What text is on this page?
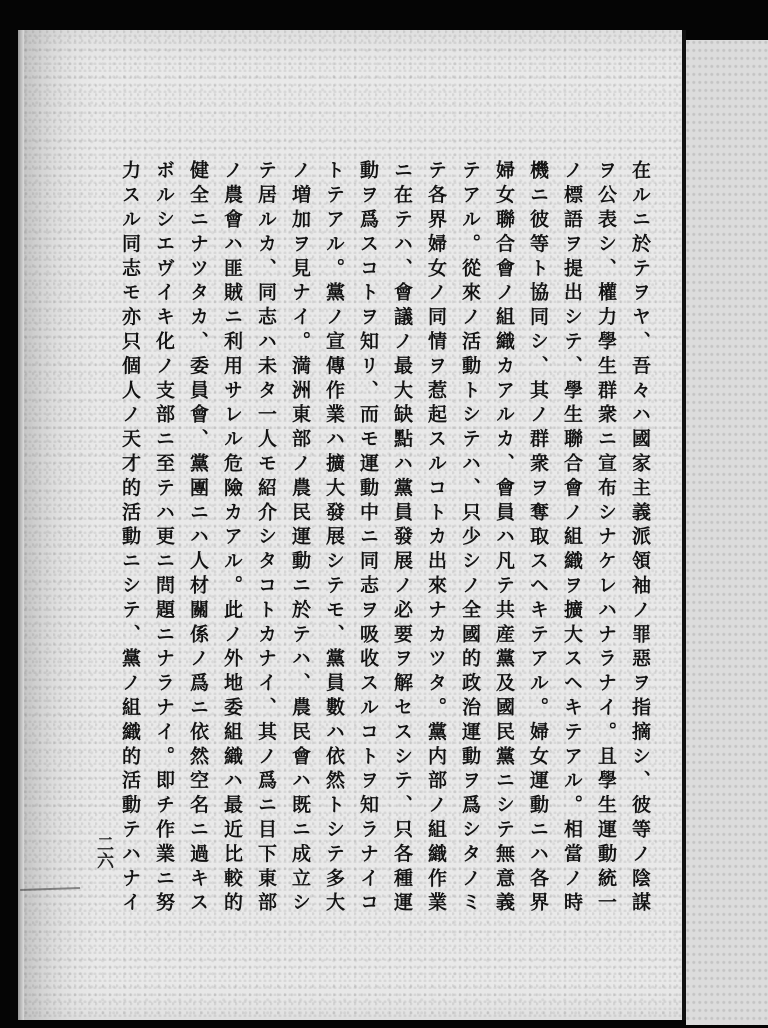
在ルニ於テヲヤ、吾々ハ國家主義派領袖ノ罪惡ヲ指摘シ、彼等ノ陰謀
ヲ公表シ、權力學生群衆ニ宣布シナケレハナラナイ。且學生運動統一
ノ標語ヲ提出シテ、學生聯合會ノ組織ヲ擴大スヘキテアル。相當ノ時
機ニ彼等ト協同シ、其ノ群衆ヲ奪取スヘキテアル。婦女運動ニハ各界
婦女聯合會ノ組織カアルカ、會員ハ凡テ共産黨及國民黨ニシテ無意義
テアル。從來ノ活動トシテハ、只少シノ全國的政治運動ヲ爲シタノミ
テ各界婦女ノ同情ヲ惹起スルコトカ出來ナカツタ。黨内部ノ組織作業
ニ在テハ、會議ノ最大缺點ハ黨員發展ノ必要ヲ解セスシテ、只各種運
動ヲ爲スコトヲ知リ、而モ運動中ニ同志ヲ吸收スルコトヲ知ラナイコ
トテアル。黨ノ宣傳作業ハ擴大發展シテモ、黨員數ハ依然トシテ多大
ノ増加ヲ見ナイ。満洲東部ノ農民運動ニ於テハ、農民會ハ既ニ成立シ
テ居ルカ、同志ハ未タ一人モ紹介シタコトカナイ、其ノ爲ニ目下東部
ノ農會ハ匪賊ニ利用サレル危險カアル。此ノ外地委組織ハ最近比較的
健全ニナツタカ、委員會、黨團ニハ人材關係ノ爲ニ依然空名ニ過キス
ボルシエヴイキ化ノ支部ニ至テハ更ニ問題ニナラナイ。即チ作業ニ努
力スル同志モ亦只個人ノ天才的活動ニシテ、黨ノ組織的活動テハナイ
二六
